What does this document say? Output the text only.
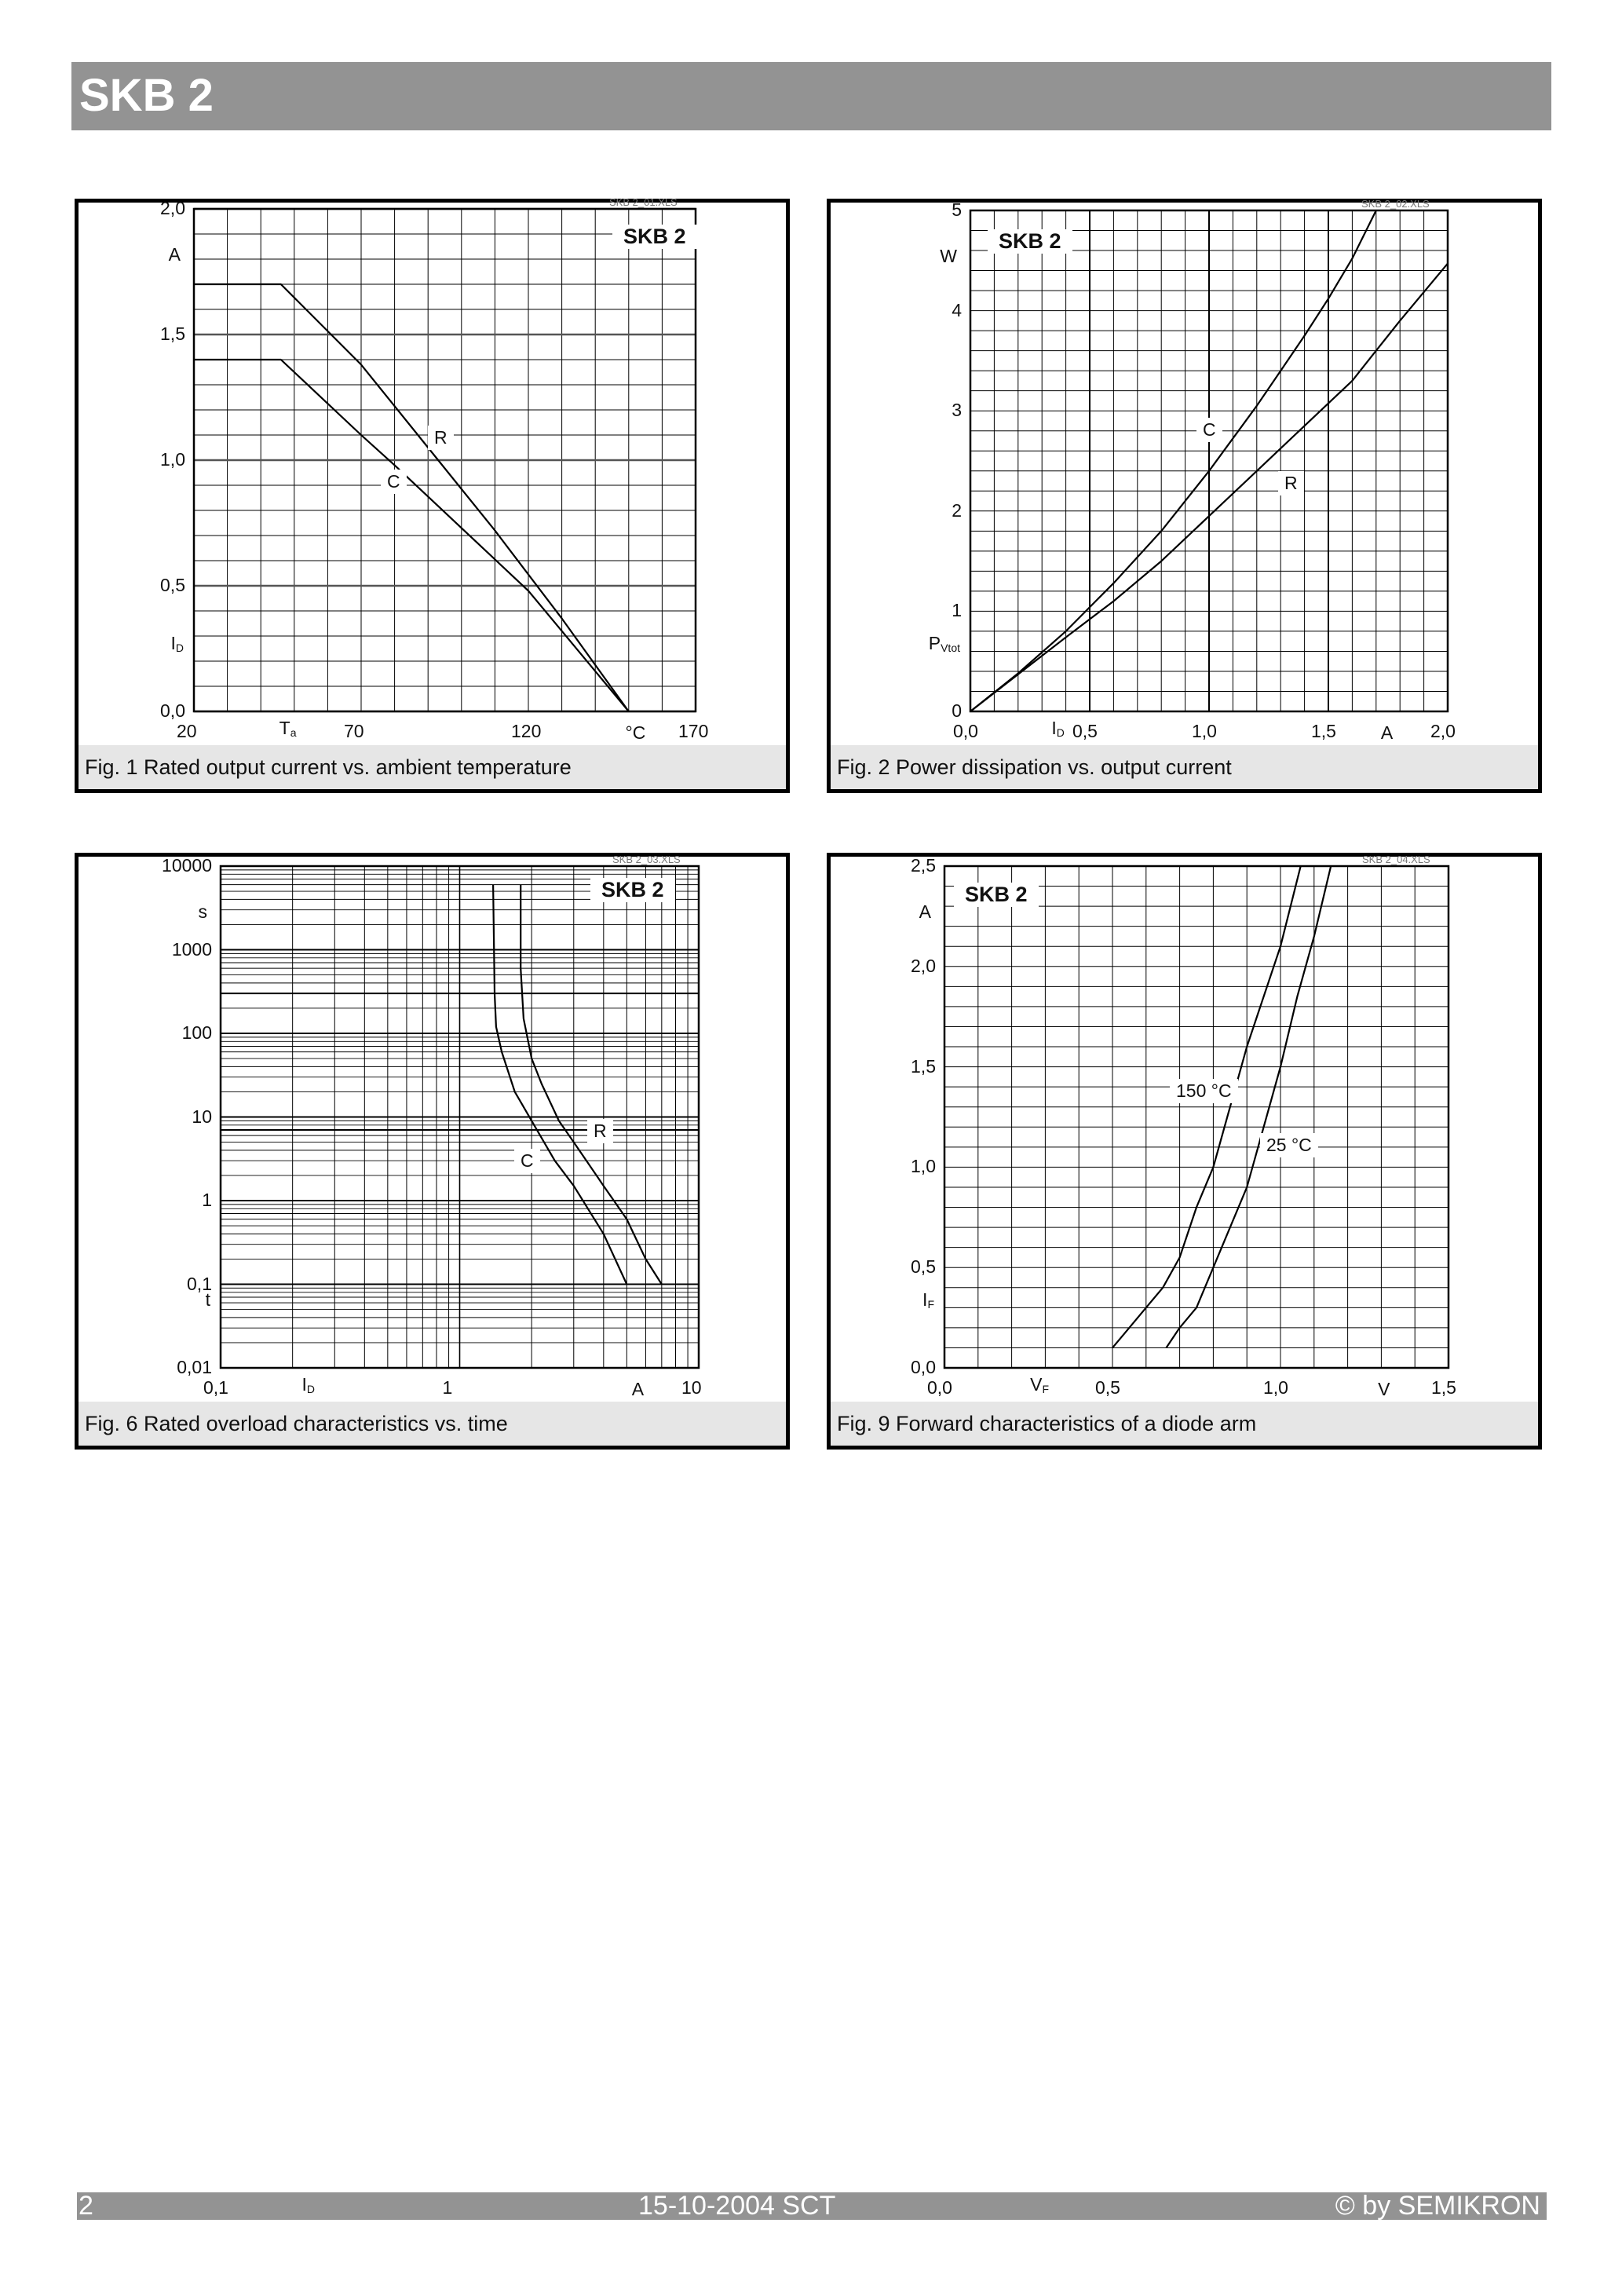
SKB 2
Fig. 1 Rated output current vs. ambient temperature
SKB 2
SKB 2_01.XLS
R
C
0,0
0,5
1,0
1,5
2,0
20	70	120	170
A
$I_D$
$T_a$	°C
Fig. 2 Power dissipation vs. output current
SKB 2
SKB 2_02.XLS
C
R
0
1
2
3
4
5
0,0	0,5	1,0	1,5	2,0
W
$P_{Vtot}$
$I_D$	A
Fig. 6 Rated overload characteristics vs. time
SKB 2
SKB 2_03.XLS
R
C
0,01
0,1
1
10
100
1000
10000
0,1	1	10
s
t
$I_D$	A
Fig. 9 Forward characteristics of a diode arm
SKB 2
SKB 2_04.XLS
150 °C
25 °C
0,0
0,5
1,0
1,5
2,0
2,5
0,0	0,5	1,0	1,5
A
$I_F$
$V_F$	V
2	15-10-2004 SCT	© by SEMIKRON
